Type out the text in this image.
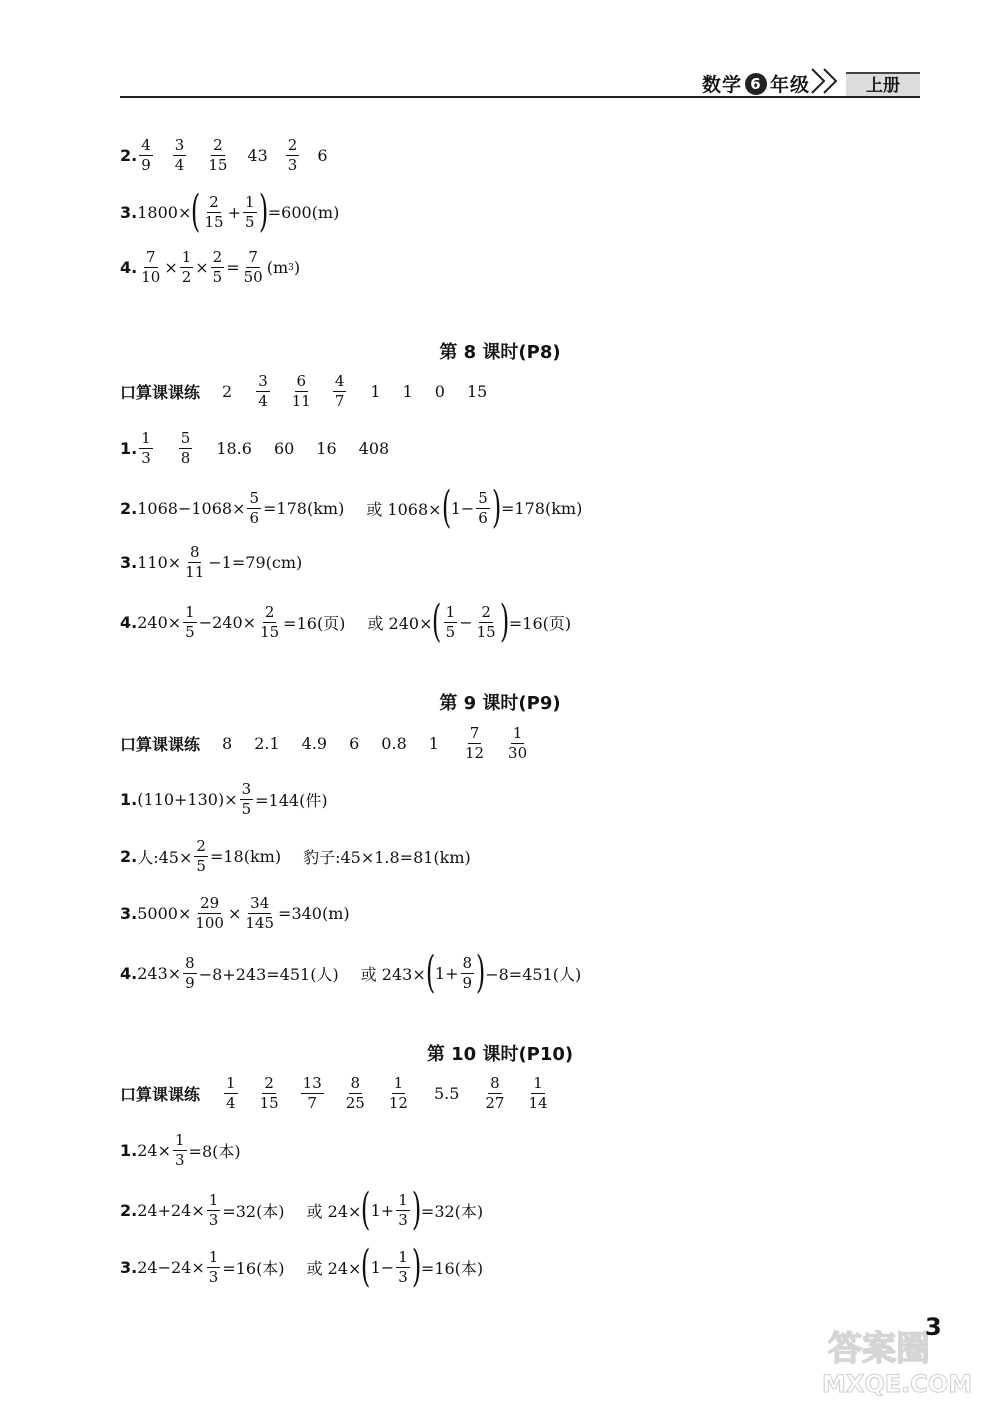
数学 6 年级	上册
2.
4
9
3
4
2
15 43
2
3 6
3. 1800× ( 2
$15 + \frac{1}{5}$ ) =600(m)
4. $\frac{7}{10} \times \frac{1}{2} \times \frac{2}{5} = \frac{7}{50} (m$ 3 )
第 8 课时(P8)
口算课课练 2
3
4
6
11
4
7 1 1 0 15
1.
1
3
5
8 18.6 60 16 408
2. $1068-1068\times \frac{5}{6} =178(km)$ 或 1068× ( $1- \frac{5}{6}$ ) =178(km)
3. $110\times \frac{8}{11} -1=79(cm)$
4. $240\times \frac{1}{5} -240\times \frac{2}{15} =16$(页) 或 240× ( 1
$5 - \frac{2}{15}$ ) =16(页)
第 9 课时(P9)
口算课课练 8 2.1 4.9 6 0.8 1
7
12
1
30
1. $(110+130)\times \frac{3}{5} =144$(件)
2. 人:45× $\frac{2}{5} =18(km)$ 豹子:45×1.8=81(km)
3. $5000\times \frac{29}{100} \times \frac{34}{145} =340(m)$
4. $243\times \frac{8}{9} -8+243=451$(人) 或 243× ( $1+ \frac{8}{9}$ ) −8=451(人)
第 10 课时(P10)
口算课课练
1
4
2
15
13
7
8
25
1
12 5.5
8
27
1
14
1. $24\times \frac{1}{3} =8$(本)
2. $24+24\times \frac{1}{3} =32$(本) 或 24× ( $1+ \frac{1}{3}$ ) =32(本)
3. $24-24\times \frac{1}{3} =16$(本) 或 24× ( $1- \frac{1}{3}$ ) =16(本)
答案圈
MXQE.COM
3
